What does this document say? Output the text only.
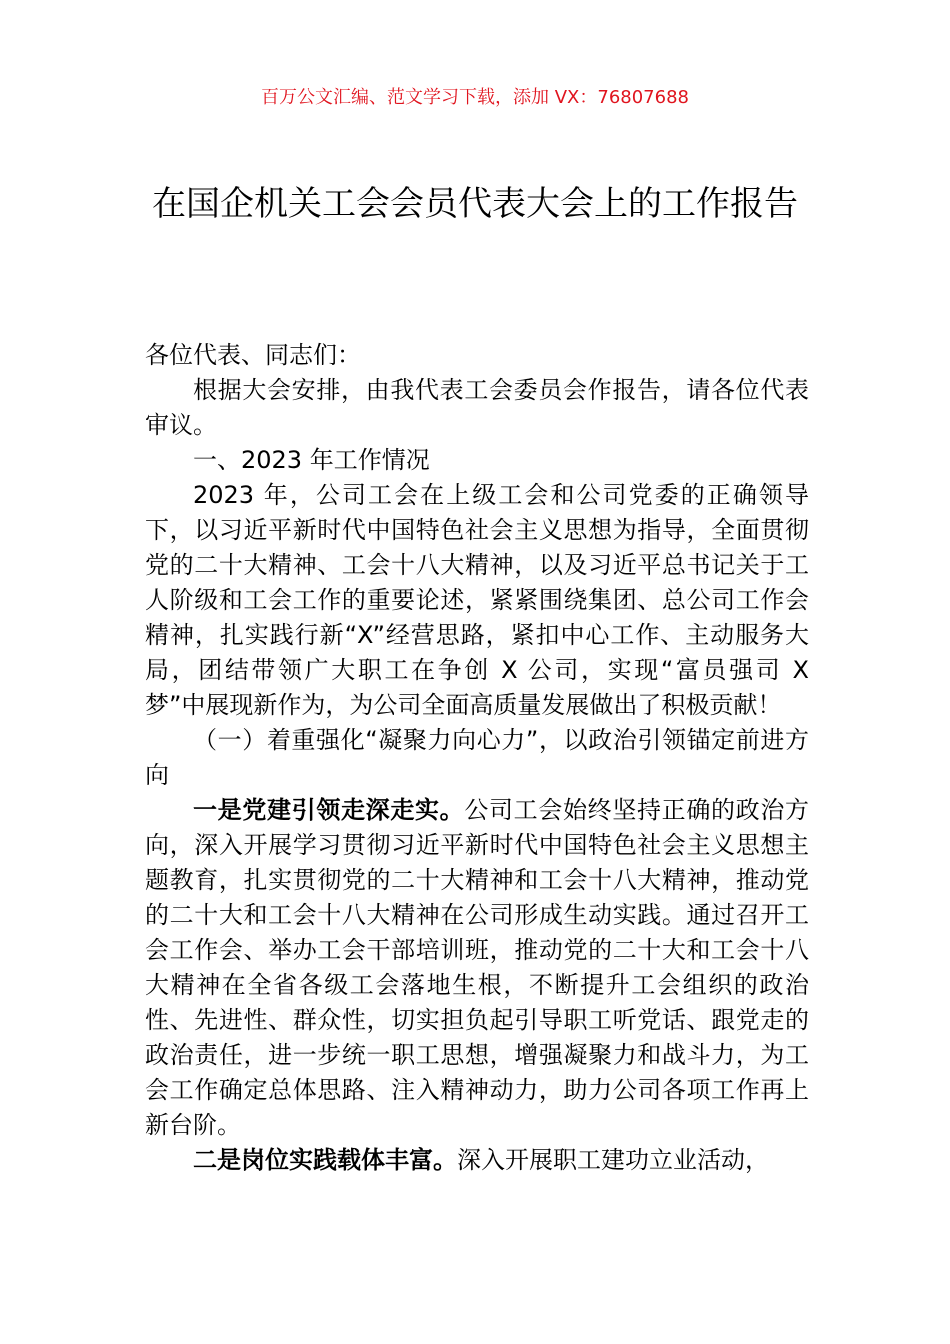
百万公文汇编、范文学习下载，添加 VX：76807688
在国企机关工会会员代表大会上的工作报告

各位代表、同志们：

根据大会安排，由我代表工会委员会作报告，请各位代表审议。

一、2023 年工作情况

2023 年，公司工会在上级工会和公司党委的正确领导下，以习近平新时代中国特色社会主义思想为指导，全面贯彻党的二十大精神、工会十八大精神，以及习近平总书记关于工人阶级和工会工作的重要论述，紧紧围绕集团、总公司工作会精神，扎实践行新“X”经营思路，紧扣中心工作、主动服务大局，团结带领广大职工在争创 X 公司，实现“富员强司 X 梦”中展现新作为，为公司全面高质量发展做出了积极贡献！

（一）着重强化“凝聚力向心力”，以政治引领锚定前进方向

一是党建引领走深走实。公司工会始终坚持正确的政治方向，深入开展学习贯彻习近平新时代中国特色社会主义思想主题教育，扎实贯彻党的二十大精神和工会十八大精神，推动党的二十大和工会十八大精神在公司形成生动实践。通过召开工会工作会、举办工会干部培训班，推动党的二十大和工会十八大精神在全省各级工会落地生根，不断提升工会组织的政治性、先进性、群众性，切实担负起引导职工听党话、跟党走的政治责任，进一步统一职工思想，增强凝聚力和战斗力，为工会工作确定总体思路、注入精神动力，助力公司各项工作再上新台阶。

二是岗位实践载体丰富。深入开展职工建功立业活动，
